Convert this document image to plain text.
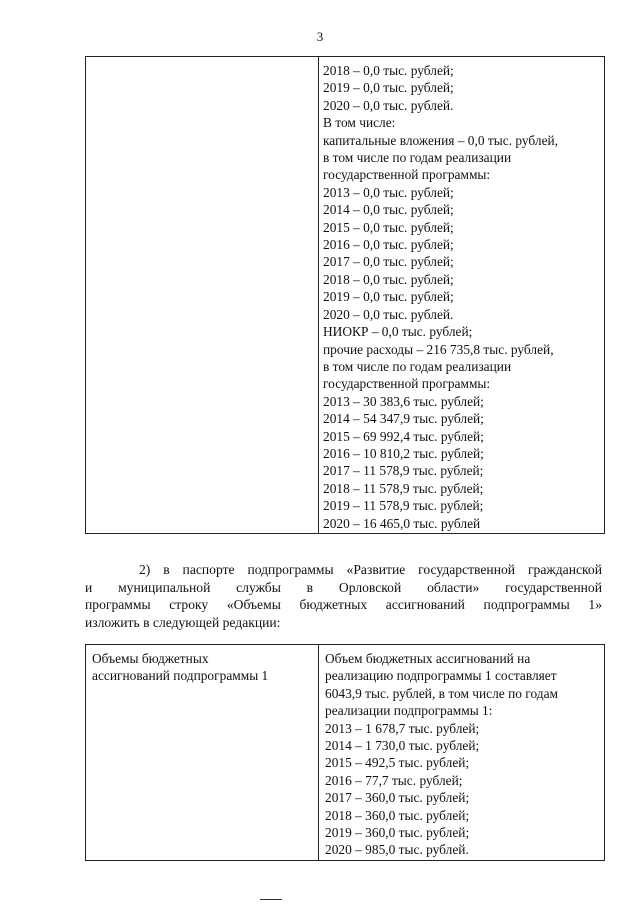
3

2018 – 0,0 тыс. рублей;
2019 – 0,0 тыс. рублей;
2020 – 0,0 тыс. рублей.
В том числе:
капитальные вложения – 0,0 тыс. рублей,
в том числе по годам реализации
государственной программы:
2013 – 0,0 тыс. рублей;
2014 – 0,0 тыс. рублей;
2015 – 0,0 тыс. рублей;
2016 – 0,0 тыс. рублей;
2017 – 0,0 тыс. рублей;
2018 – 0,0 тыс. рублей;
2019 – 0,0 тыс. рублей;
2020 – 0,0 тыс. рублей.
НИОКР – 0,0 тыс. рублей;
прочие расходы – 216 735,8 тыс. рублей,
в том числе по годам реализации
государственной программы:
2013 – 30 383,6 тыс. рублей;
2014 – 54 347,9 тыс. рублей;
2015 – 69 992,4 тыс. рублей;
2016 – 10 810,2 тыс. рублей;
2017 – 11 578,9 тыс. рублей;
2018 – 11 578,9 тыс. рублей;
2019 – 11 578,9 тыс. рублей;
2020 – 16 465,0 тыс. рублей
2) в паспорте подпрограммы «Развитие государственной гражданской
и муниципальной службы в Орловской области» государственной
программы строку «Объемы бюджетных ассигнований подпрограммы 1»
изложить в следующей редакции:
Объемы бюджетных
ассигнований подпрограммы 1

Объем бюджетных ассигнований на
реализацию подпрограммы 1 составляет
6043,9 тыс. рублей, в том числе по годам
реализации подпрограммы 1:
2013 – 1 678,7 тыс. рублей;
2014 – 1 730,0 тыс. рублей;
2015 – 492,5 тыс. рублей;
2016 – 77,7 тыс. рублей;
2017 – 360,0 тыс. рублей;
2018 – 360,0 тыс. рублей;
2019 – 360,0 тыс. рублей;
2020 – 985,0 тыс. рублей.
